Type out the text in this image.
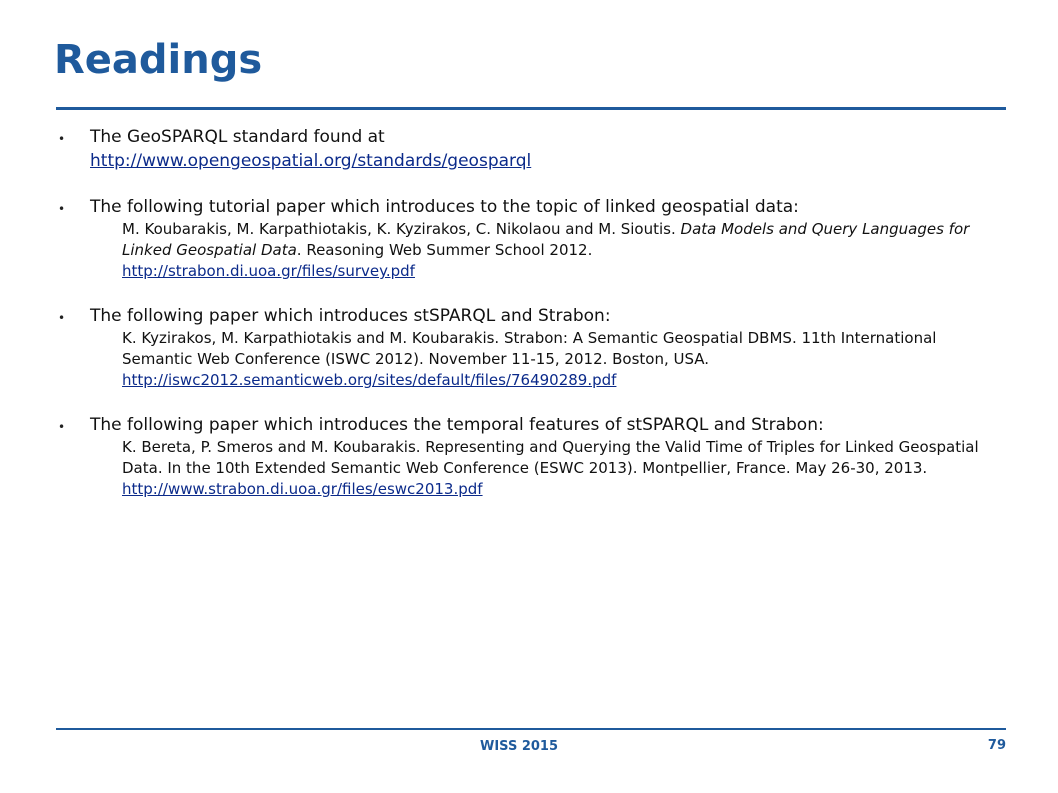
Readings
• The GeoSPARQL standard found at
http://www.opengeospatial.org/standards/geosparql
• The following tutorial paper which introduces to the topic of linked geospatial data:
M. Koubarakis, M. Karpathiotakis, K. Kyzirakos, C. Nikolaou and M. Sioutis. Data Models and Query Languages for Linked Geospatial Data. Reasoning Web Summer School 2012.
http://strabon.di.uoa.gr/files/survey.pdf
• The following paper which introduces stSPARQL and Strabon:
K. Kyzirakos, M. Karpathiotakis and M. Koubarakis. Strabon: A Semantic Geospatial DBMS. 11th International Semantic Web Conference (ISWC 2012). November 11-15, 2012. Boston, USA.
http://iswc2012.semanticweb.org/sites/default/files/76490289.pdf
• The following paper which introduces the temporal features of stSPARQL and Strabon:
K. Bereta, P. Smeros and M. Koubarakis. Representing and Querying the Valid Time of Triples for Linked Geospatial Data. In the 10th Extended Semantic Web Conference (ESWC 2013). Montpellier, France. May 26-30, 2013.
http://www.strabon.di.uoa.gr/files/eswc2013.pdf
WISS 2015	79
